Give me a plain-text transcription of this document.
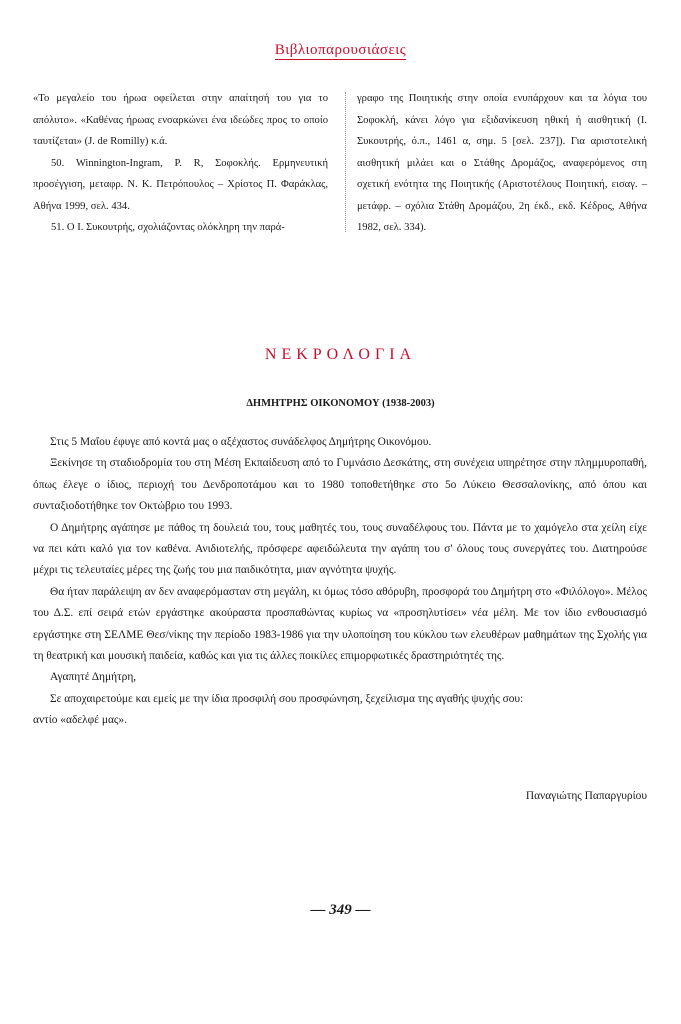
Βιβλιοπαρουσιάσεις

«Το μεγαλείο του ήρωα οφείλεται στην απαίτησή του για το απόλυτο». «Καθένας ήρωας ενσαρκώνει ένα ιδεώδες προς το οποίο ταυτίζεται» (J. de Romilly) κ.ά.

50. Winnington-Ingram, P. R, Σοφοκλής. Ερμηνευτική προσέγγιση, μεταφρ. Ν. Κ. Πετρόπουλος – Χρίστος Π. Φαράκλας, Αθήνα 1999, σελ. 434.

51. Ο Ι. Συκουτρής, σχολιάζοντας ολόκληρη την παρά-

γραφο της Ποιητικής στην οποία ενυπάρχουν και τα λόγια του Σοφοκλή, κάνει λόγο για εξιδανίκευση ηθική ή αισθητική (Ι. Συκουτρής, ό.π., 1461 α, σημ. 5 [σελ. 237]). Για αριστοτελική αισθητική μιλάει και ο Στάθης Δρομάζος, αναφερόμενος στη σχετική ενότητα της Ποιητικής (Αριστοτέλους Ποιητική, εισαγ. – μετάφρ. – σχόλια Στάθη Δρομάζου, 2η έκδ., εκδ. Κέδρος, Αθήνα 1982, σελ. 334).

ΝΕΚΡΟΛΟΓΙΑ
ΔΗΜΗΤΡΗΣ ΟΙΚΟΝΟΜΟΥ (1938-2003)

Στις 5 Μαΐου έφυγε από κοντά μας ο αξέχαστος συνάδελφος Δημήτρης Οικονόμου.

Ξεκίνησε τη σταδιοδρομία του στη Μέση Εκπαίδευση από το Γυμνάσιο Δεσκάτης, στη συνέχεια υπηρέτησε στην πλημμυροπαθή, όπως έλεγε ο ίδιος, περιοχή του Δενδροποτάμου και το 1980 τοποθετήθηκε στο 5ο Λύκειο Θεσσαλονίκης, από όπου και συνταξιοδοτήθηκε τον Οκτώβριο του 1993.

Ο Δημήτρης αγάπησε με πάθος τη δουλειά του, τους μαθητές του, τους συναδέλφους του. Πάντα με το χαμόγελο στα χείλη είχε να πει κάτι καλό για τον καθένα. Ανιδιοτελής, πρόσφερε αφειδώλευτα την αγάπη του σ' όλους τους συνεργάτες του. Διατηρούσε μέχρι τις τελευταίες μέρες της ζωής του μια παιδικότητα, μιαν αγνότητα ψυχής.

Θα ήταν παράλειψη αν δεν αναφερόμασταν στη μεγάλη, κι όμως τόσο αθόρυβη, προσφορά του Δημήτρη στο «Φιλόλογο». Μέλος του Δ.Σ. επί σειρά ετών εργάστηκε ακούραστα προσπαθώντας κυρίως να «προσηλυτίσει» νέα μέλη. Με τον ίδιο ενθουσιασμό εργάστηκε στη ΣΕΛΜΕ Θεσ/νίκης την περίοδο 1983-1986 για την υλοποίηση του κύκλου των ελευθέρων μαθημάτων της Σχολής για τη θεατρική και μουσική παιδεία, καθώς και για τις άλλες ποικίλες επιμορφωτικές δραστηριότητές της.

Αγαπητέ Δημήτρη,

Σε αποχαιρετούμε και εμείς με την ίδια προσφιλή σου προσφώνηση, ξεχείλισμα της αγαθής ψυχής σου:

αντίο «αδελφέ μας».

Παναγιώτης Παπαργυρίου
— 349 —
